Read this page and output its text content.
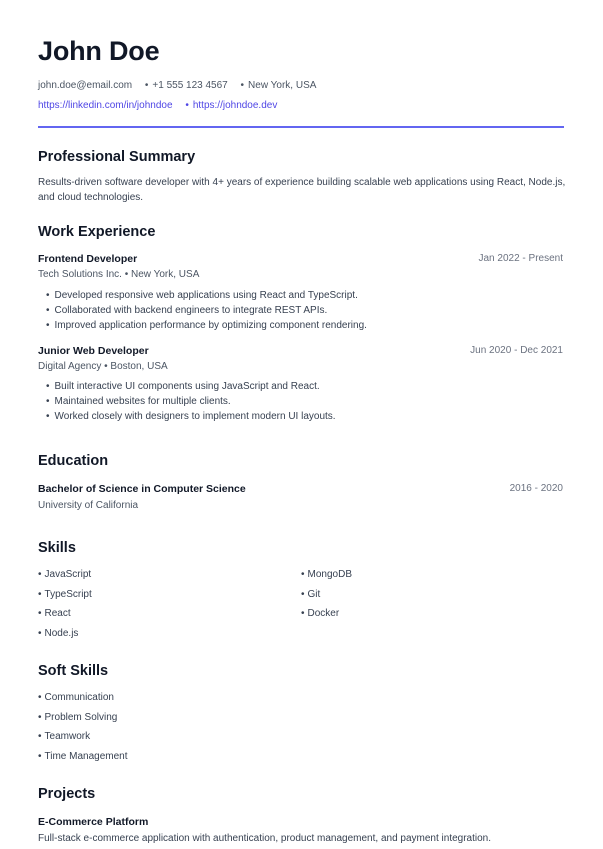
John Doe
john.doe@email.com • +1 555 123 4567 • New York, USA
https://linkedin.com/in/johndoe • https://johndoe.dev
Professional Summary
Results-driven software developer with 4+ years of experience building scalable web applications using React, Node.js, and cloud technologies.
Work Experience
Frontend Developer	Jan 2022 - Present
Tech Solutions Inc. • New York, USA
• Developed responsive web applications using React and TypeScript.
• Collaborated with backend engineers to integrate REST APIs.
• Improved application performance by optimizing component rendering.
Junior Web Developer	Jun 2020 - Dec 2021
Digital Agency • Boston, USA
• Built interactive UI components using JavaScript and React.
• Maintained websites for multiple clients.
• Worked closely with designers to implement modern UI layouts.
Education
Bachelor of Science in Computer Science	2016 - 2020
University of California
Skills
• JavaScript
• TypeScript
• React
• Node.js
• MongoDB
• Git
• Docker
Soft Skills
• Communication
• Problem Solving
• Teamwork
• Time Management
Projects
E-Commerce Platform
Full-stack e-commerce application with authentication, product management, and payment integration.
